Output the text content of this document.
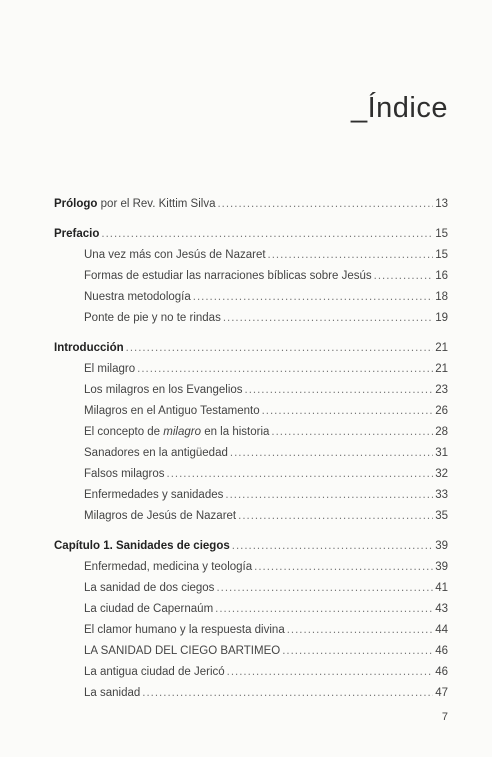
_Índice
Prólogo por el Rev. Kittim Silva .....	13
Prefacio .....	15
Una vez más con Jesús de Nazaret .....	15
Formas de estudiar las narraciones bíblicas sobre Jesús .....	16
Nuestra metodología .....	18
Ponte de pie y no te rindas .....	19
Introducción .....	21
El milagro .....	21
Los milagros en los Evangelios .....	23
Milagros en el Antiguo Testamento .....	26
El concepto de milagro en la historia .....	28
Sanadores en la antigüedad .....	31
Falsos milagros .....	32
Enfermedades y sanidades .....	33
Milagros de Jesús de Nazaret .....	35
Capítulo 1. Sanidades de ciegos .....	39
Enfermedad, medicina y teología .....	39
La sanidad de dos ciegos .....	41
La ciudad de Capernaúm .....	43
El clamor humano y la respuesta divina .....	44
LA SANIDAD DEL CIEGO BARTIMEO .....	46
La antigua ciudad de Jericó .....	46
La sanidad .....	47
7
